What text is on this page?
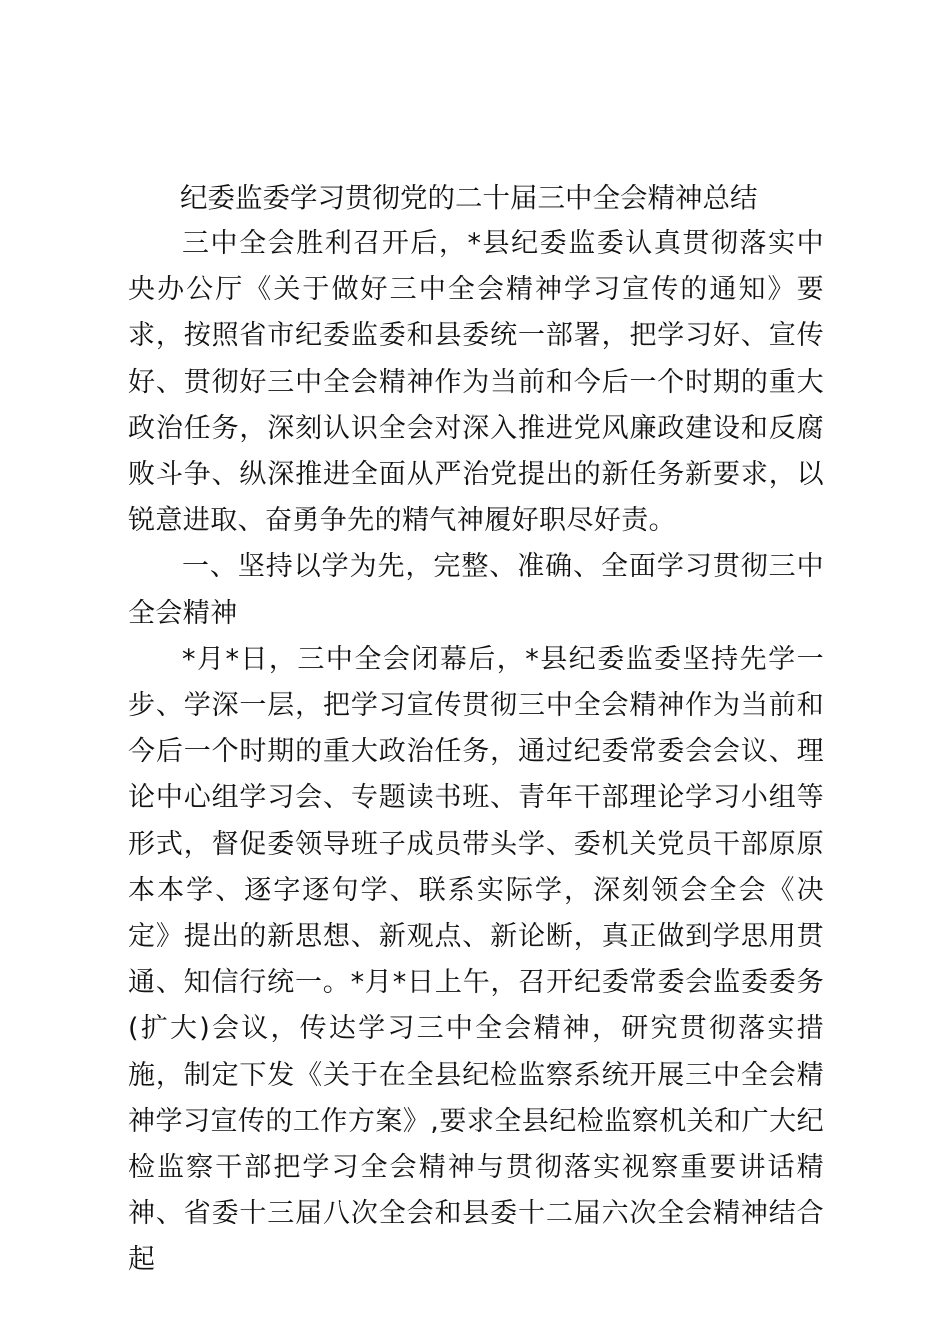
纪委监委学习贯彻党的二十届三中全会精神总结

三中全会胜利召开后，*县纪委监委认真贯彻落实中央办公厅《关于做好三中全会精神学习宣传的通知》要求，按照省市纪委监委和县委统一部署，把学习好、宣传好、贯彻好三中全会精神作为当前和今后一个时期的重大政治任务，深刻认识全会对深入推进党风廉政建设和反腐败斗争、纵深推进全面从严治党提出的新任务新要求，以锐意进取、奋勇争先的精气神履好职尽好责。

一、坚持以学为先，完整、准确、全面学习贯彻三中全会精神

*月*日，三中全会闭幕后，*县纪委监委坚持先学一步、学深一层，把学习宣传贯彻三中全会精神作为当前和今后一个时期的重大政治任务，通过纪委常委会会议、理论中心组学习会、专题读书班、青年干部理论学习小组等形式，督促委领导班子成员带头学、委机关党员干部原原本本学、逐字逐句学、联系实际学，深刻领会全会《决定》提出的新思想、新观点、新论断，真正做到学思用贯通、知信行统一。*月*日上午，召开纪委常委会监委委务(扩大)会议，传达学习三中全会精神，研究贯彻落实措施，制定下发《关于在全县纪检监察系统开展三中全会精神学习宣传的工作方案》,要求全县纪检监察机关和广大纪检监察干部把学习全会精神与贯彻落实视察重要讲话精神、省委十三届八次全会和县委十二届六次全会精神结合起
